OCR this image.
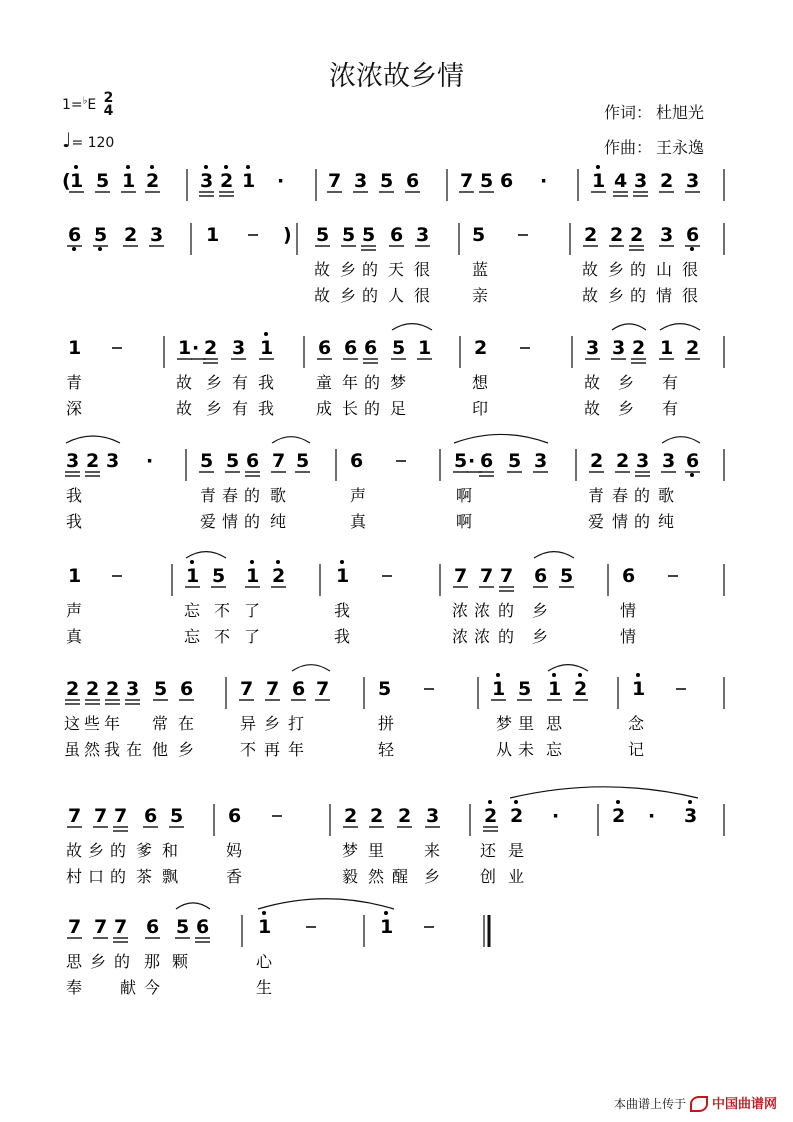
浓浓故乡情
1=♭E 2
4
♩= 120
作词： 杜旭光
作曲： 王永逸
( 1 5 1 2 3 2 1 · 7 3 5 6 7 5 6 · 1 4 3 2 3
6 5 2 3 1	) 5 5 5 6 3 5	2 2 2 3 6
故 乡 的 天 很	蓝	故 乡 的 山 很
故 乡 的 人 很	亲	故 乡 的 情 很
1	1 · 2 3 1 6 6 6 5 1 2	3 3 2 1 2
青	故 乡 有 我	童 年 的 梦	想	故 乡 有
深	故 乡 有 我	成 长 的 足	印	故 乡 有
3 2 3 · 5 5 6 7 5 6	5 · 6 5 3 2 2 3 3 6
我	青 春 的 歌	声	啊	青 春 的 歌
我	爱 情 的 纯	真	啊	爱 情 的 纯
1	1 5 1 2	1	7 7 7 6 5	6
声	忘 不 了	我	浓 浓 的 乡	情
真	忘 不 了	我	浓 浓 的 乡	情
2 2 2 3 5 6 7 7 6 7	5	1 5 1 2 1
这 些 年 常 在	异 乡 打	拼	梦 里 思	念
虽 然 我 在 他 乡	不 再 年	轻	从 未 忘	记
7 7 7 6 5 6	2 2 2 3 2 2 ·	2 · 3
故 乡 的 爹 和	妈	梦 里 来 还 是
村 口 的 茶 飘	香	毅 然 醒 乡 创 业
7 7 7 6 5 6	1	1
思 乡 的 那 颗	心
奉 献 今	生
本曲谱上传于 中国曲谱网
